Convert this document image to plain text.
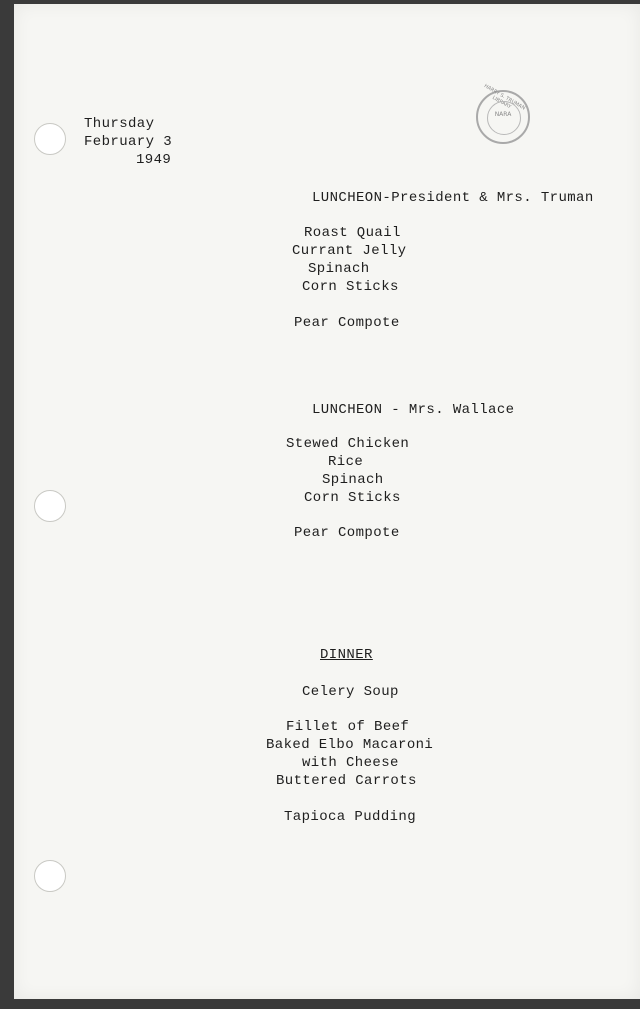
HARRY S. TRUMAN LIBRARY
NARA
Thursday
February 3
1949
LUNCHEON-President & Mrs. Truman
Roast Quail
Currant Jelly
Spinach
Corn Sticks
Pear Compote
LUNCHEON - Mrs. Wallace
Stewed Chicken
Rice
Spinach
Corn Sticks
Pear Compote
DINNER
Celery Soup
Fillet of Beef
Baked Elbo Macaroni
with Cheese
Buttered Carrots
Tapioca Pudding
